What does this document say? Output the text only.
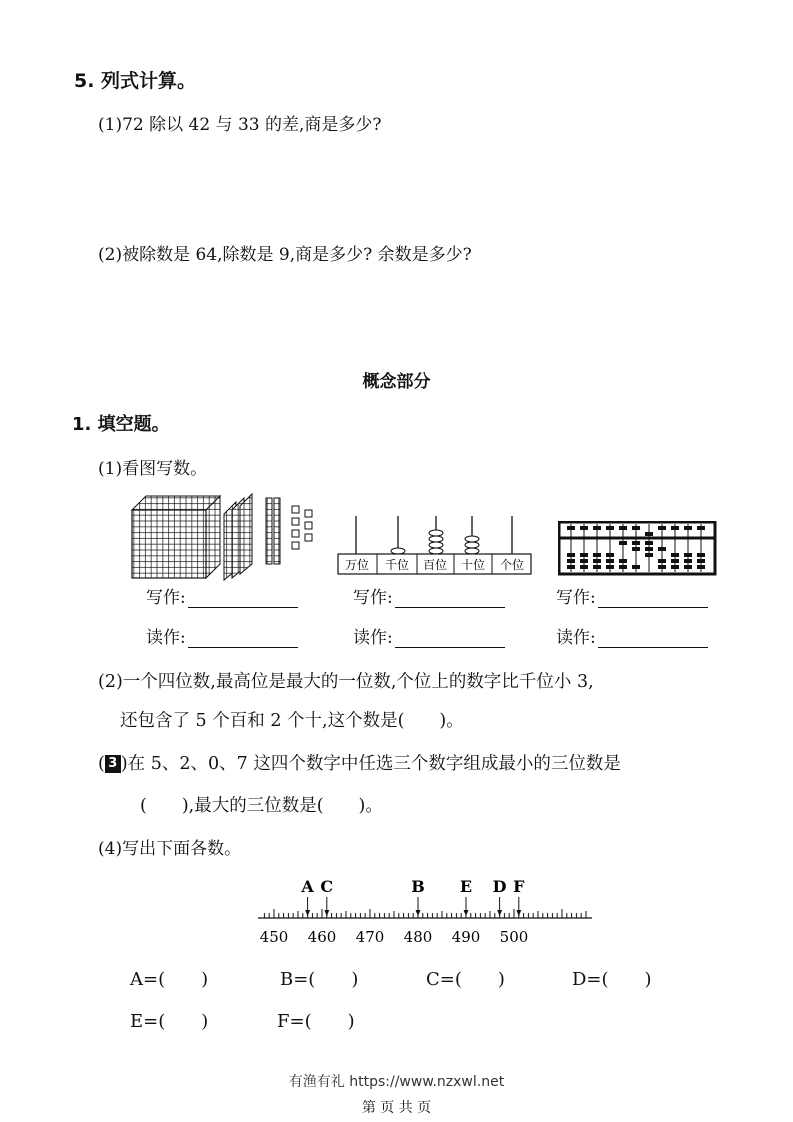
5. 列式计算。
(1)72 除以 42 与 33 的差,商是多少?
(2)被除数是 64,除数是 9,商是多少? 余数是多少?
概念部分
1. 填空题。
(1)看图写数。
万位 千位 百位 十位 个位
写作:	写作:	写作:
读作:	读作:	读作:
(2)一个四位数,最高位是最大的一位数,个位上的数字比千位小 3,
还包含了 5 个百和 2 个十,这个数是(　　)。
( 3 )在 5、2、0、7 这四个数字中任选三个数字组成最小的三位数是
(　　),最大的三位数是(　　)。
(4)写出下面各数。
A C	B E D F
450 460 470 480 490 500
A=(　　)	B=(　　)	C=(　　)	D=(　　)
E=(　　)	F=(　　)
有渔有礼 https://www.nzxwl.net
第 页 共 页
